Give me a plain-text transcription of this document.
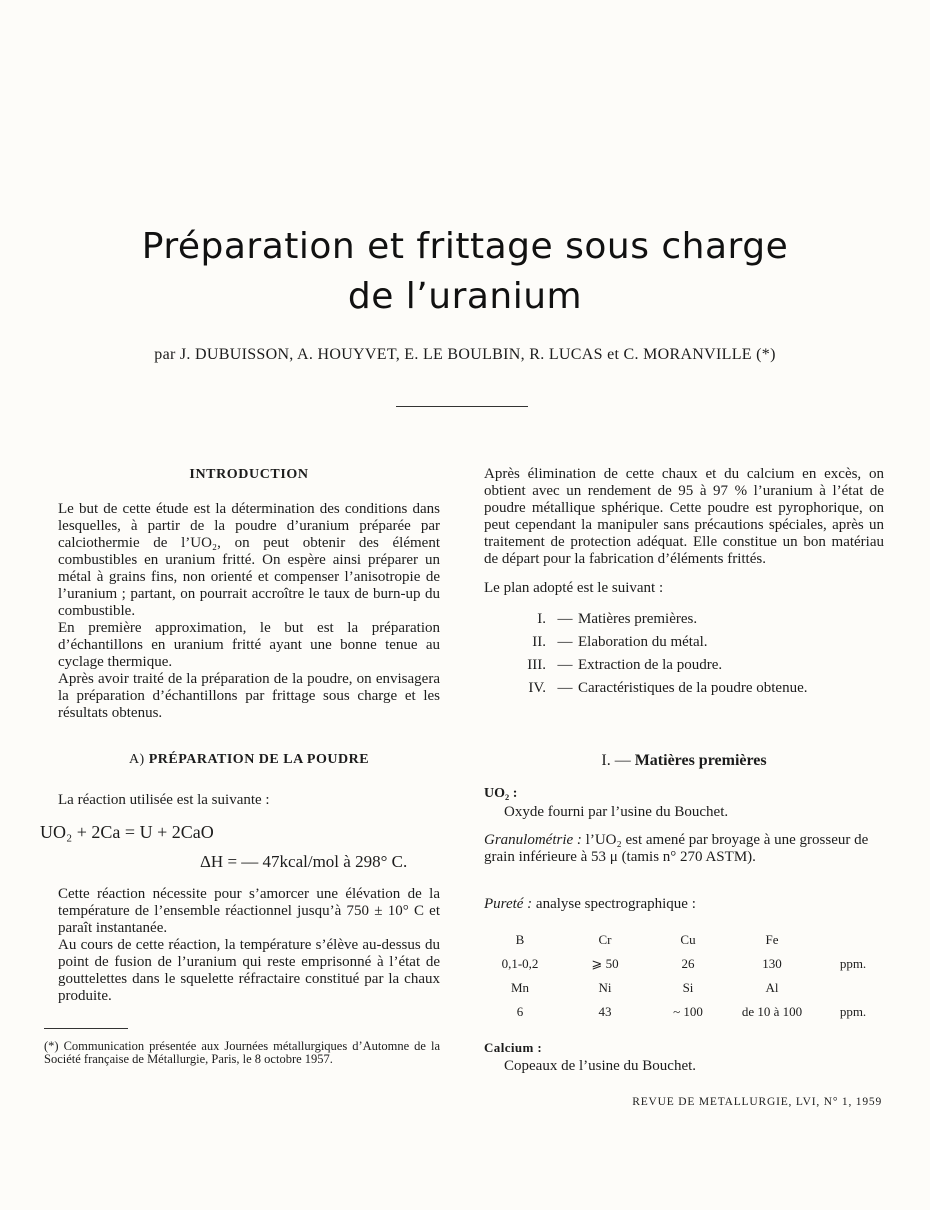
Préparation et frittage sous charge
de l’uranium
par J. DUBUISSON, A. HOUYVET, E. LE BOULBIN, R. LUCAS et C. MORANVILLE (*)
INTRODUCTION

Le but de cette étude est la détermination des conditions dans lesquelles, à partir de la poudre d’uranium préparée par calciothermie de l’UO₂, on peut obtenir des élément combustibles en uranium fritté. On espère ainsi préparer un métal à grains fins, non orienté et compenser l’anisotropie de l’uranium ; partant, on pourrait accroître le taux de burn-up du combustible.

En première approximation, le but est la préparation d’échantillons en uranium fritté ayant une bonne tenue au cyclage thermique.

Après avoir traité de la préparation de la poudre, on envisagera la préparation d’échantillons par frittage sous charge et les résultats obtenus.

A) PRÉPARATION DE LA POUDRE
La réaction utilisée est la suivante :
UO₂ + 2Ca = U + 2CaO
ΔH = — 47kcal/mol à 298° C.

Cette réaction nécessite pour s’amorcer une élévation de la température de l’ensemble réactionnel jusqu’à 750 ± 10° C et paraît instantanée.

Au cours de cette réaction, la température s’élève au-dessus du point de fusion de l’uranium qui reste emprisonné à l’état de gouttelettes dans le squelette réfractaire constitué par la chaux produite.

(*) Communication présentée aux Journées métallurgiques d’Automne de la Société française de Métallurgie, Paris, le 8 octobre 1957.

Après élimination de cette chaux et du calcium en excès, on obtient avec un rendement de 95 à 97 % l’uranium à l’état de poudre métallique sphérique. Cette poudre est pyrophorique, on peut cependant la manipuler sans précautions spéciales, après un traitement de protection adéquat. Elle constitue un bon matériau de départ pour la fabrication d’éléments frittés.

Le plan adopté est le suivant :

I. — Matières premières.
II. — Elaboration du métal.
III. — Extraction de la poudre.
IV. — Caractéristiques de la poudre obtenue.
I. — Matières premières
UO₂ :
Oxyde fourni par l’usine du Bouchet.
Granulométrie : l’UO₂ est amené par broyage à une grosseur de grain inférieure à 53 μ (tamis n° 270 ASTM).
Pureté : analyse spectrographique :
B	Cr	Cu	Fe
0,1-0,2	⩾ 50	26	130	ppm.
Mn	Ni	Si	Al
6	43	~ 100	de 10 à 100	ppm.
Calcium :
Copeaux de l’usine du Bouchet.
REVUE DE METALLURGIE, LVI, N° 1, 1959
